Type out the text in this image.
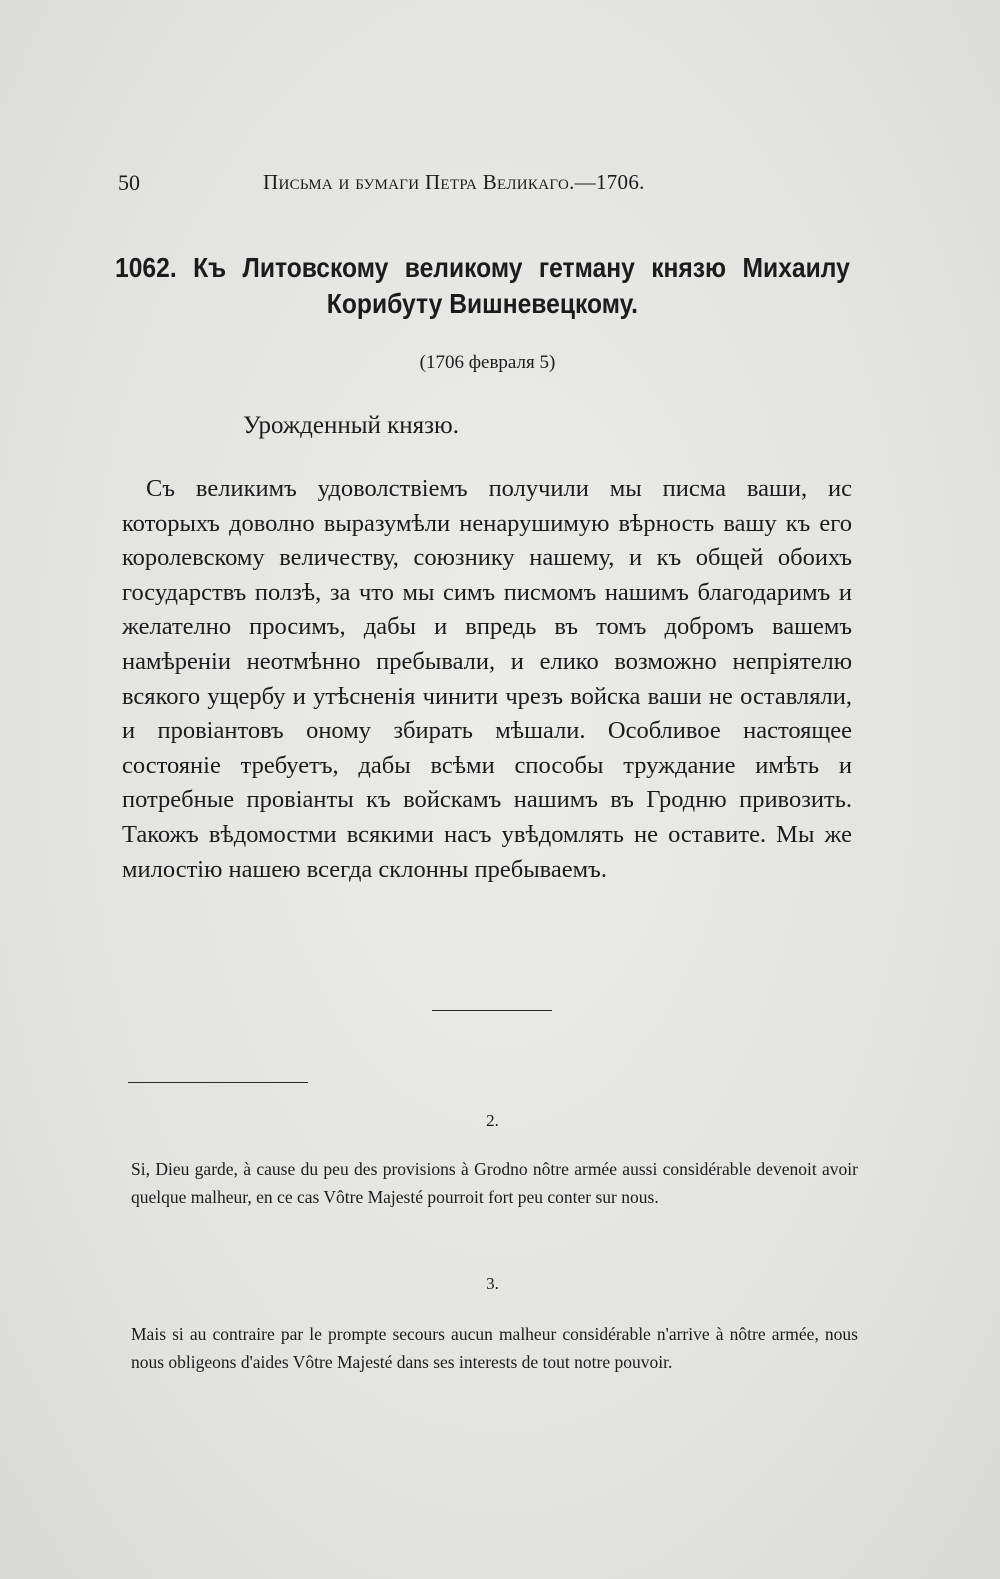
50	Письма и бумаги Петра Великаго.—1706.
1062. Къ Литовскому великому гетману князю Михаилу Корибуту Вишневецкому.
(1706 февраля 5)
Урожденный князю.

Съ великимъ удоволствіемъ получили мы писма ваши, ис которыхъ доволно выразумѣли ненарушимую вѣрность вашу къ его королевскому величеству, союзнику нашему, и къ общей обоихъ государствъ ползѣ, за что мы симъ писмомъ нашимъ благодаримъ и желателно просимъ, дабы и впредь въ томъ добромъ вашемъ намѣреніи неотмѣнно пребывали, и елико возможно непріятелю всякого ущербу и утѣсненія чинити чрезъ войска ваши не оставляли, и провіантовъ оному збирать мѣшали. Особливое настоящее состояніе требуетъ, дабы всѣми способы труждание имѣть и потребные провіанты къ войскамъ нашимъ въ Гродню привозить. Такожъ вѣдомостми всякими насъ увѣдомлять не оставите. Мы же милостію нашею всегда склонны пребываемъ.

2.

Si, Dieu garde, à cause du peu des provisions à Grodno nôtre armée aussi considérable devenoit avoir quelque malheur, en ce cas Vôtre Majesté pourroit fort peu conter sur nous.

3.

Mais si au contraire par le prompte secours aucun malheur considérable n'arrive à nôtre armée, nous nous obligeons d'aides Vôtre Majesté dans ses interests de tout notre pouvoir.
